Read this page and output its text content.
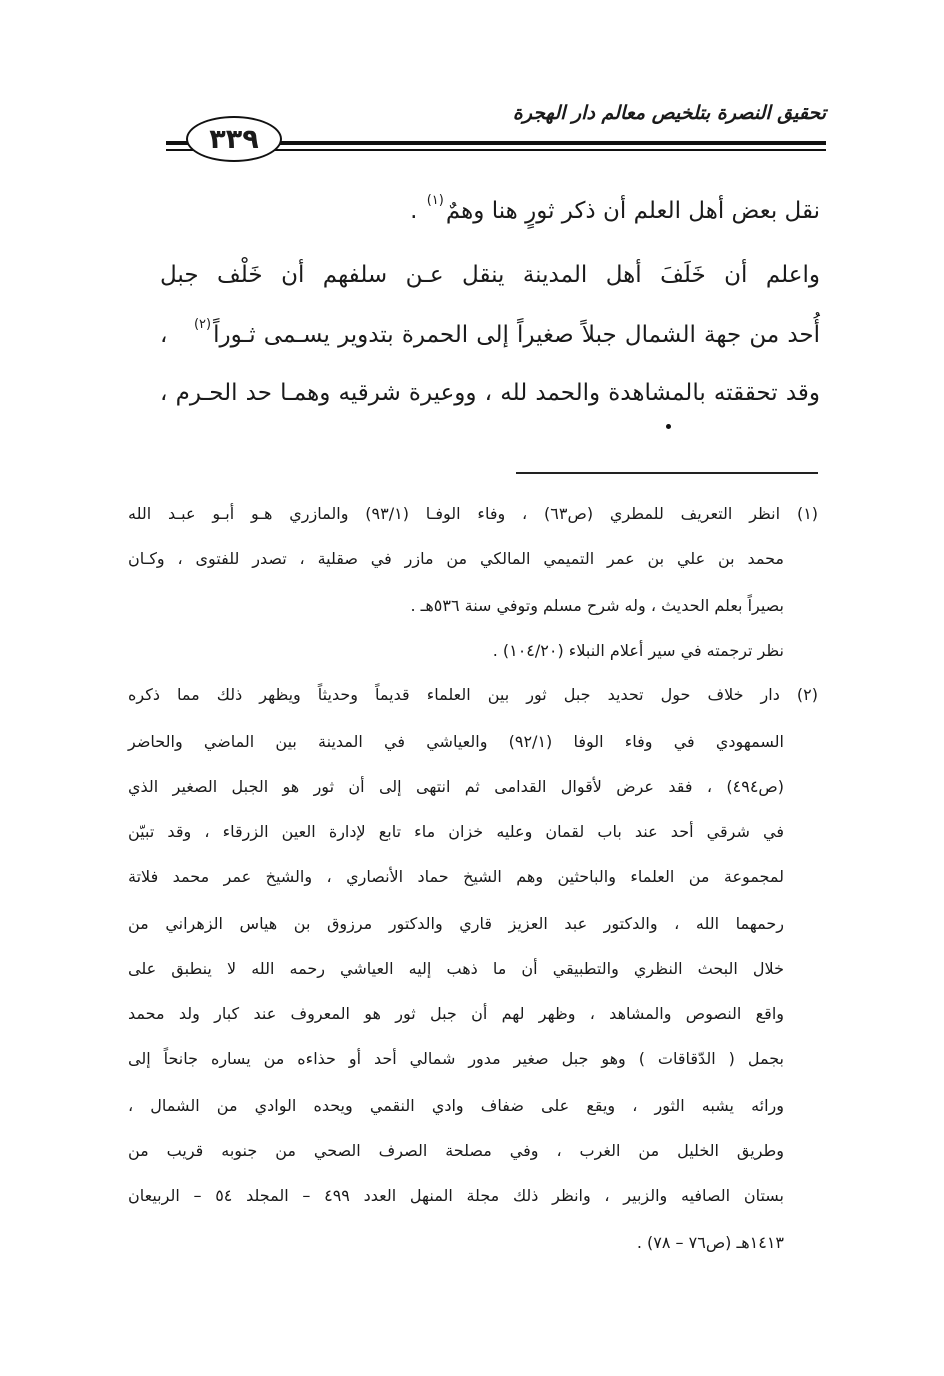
تحقيق النصرة بتلخيص معالم دار الهجرة
٣٣٩
نقل بعض أهل العلم أن ذكر ثورٍ هنا وهمٌ$^{(١)}$ .
واعلم أن خَلَفَ أهل المدينة ينقل عـن سلفهم أن خَلْف جبل
أُحد من جهة الشمال جبلاً صغيراً إلى الحمرة بتدوير يسـمى ثـوراً$^{(٢)}$   ،
وقد تحققته بالمشاهدة والحمد لله ، ووعيرة شرقيه وهمـا حد الحـرم ،
(١) انظر التعريف للمطري (ص٦٣) ، وفاء الوفـا (٩٣/١) والمازري هـو أبـو عبـد الله
محمد بن علي بن عمر التميمي المالكي من مازر في صقلية ، تصدر للفتوى ، وكـان
بصيراً بعلم الحديث ، وله شرح مسلم وتوفي سنة ٥٣٦هـ .
نظر ترجمته في سير أعلام النبلاء (١٠٤/٢٠) .
(٢) دار خلاف حول تحديد جبل ثور بين العلماء قديماً وحديثاً ويظهر ذلك مما ذكره
السمهودي في وفاء الوفا (٩٢/١) والعياشي في المدينة بين الماضي والحاضر
(ص٤٩٤) ، فقد عرض لأقوال القدامى ثم انتهى إلى أن ثور هو الجبل الصغير الذي
في شرقي أحد عند باب لقمان وعليه خزان ماء تابع لإدارة العين الزرقاء ، وقد تبيّن
لمجموعة من العلماء والباحثين وهم الشيخ حماد الأنصاري ، والشيخ عمر محمد فلاتة
رحمهما الله ، والدكتور عبد العزيز قاري والدكتور مرزوق بن هياس الزهراني من
خلال البحث النظري والتطبيقي أن ما ذهب إليه العياشي رحمه الله لا ينطبق على
واقع النصوص والمشاهد ، وظهر لهم أن جبل ثور هو المعروف عند كبار ولد محمد
بجمل ( الدّقاقات ) وهو جبل صغير مدور شمالي أحد أو حذاءه من يساره جانحاً إلى
ورائه يشبه الثور ، ويقع على ضفاف وادي النقمي ويحده الوادي من الشمال ،
وطريق الخليل من الغرب ، وفي مصلحة الصرف الصحي من جنوبه قريب من
بستان الصافيه والزبير ، وانظر ذلك مجلة المنهل العدد ٤٩٩ – المجلد ٥٤ – الربيعان
١٤١٣هـ (ص٧٦ – ٧٨) .
